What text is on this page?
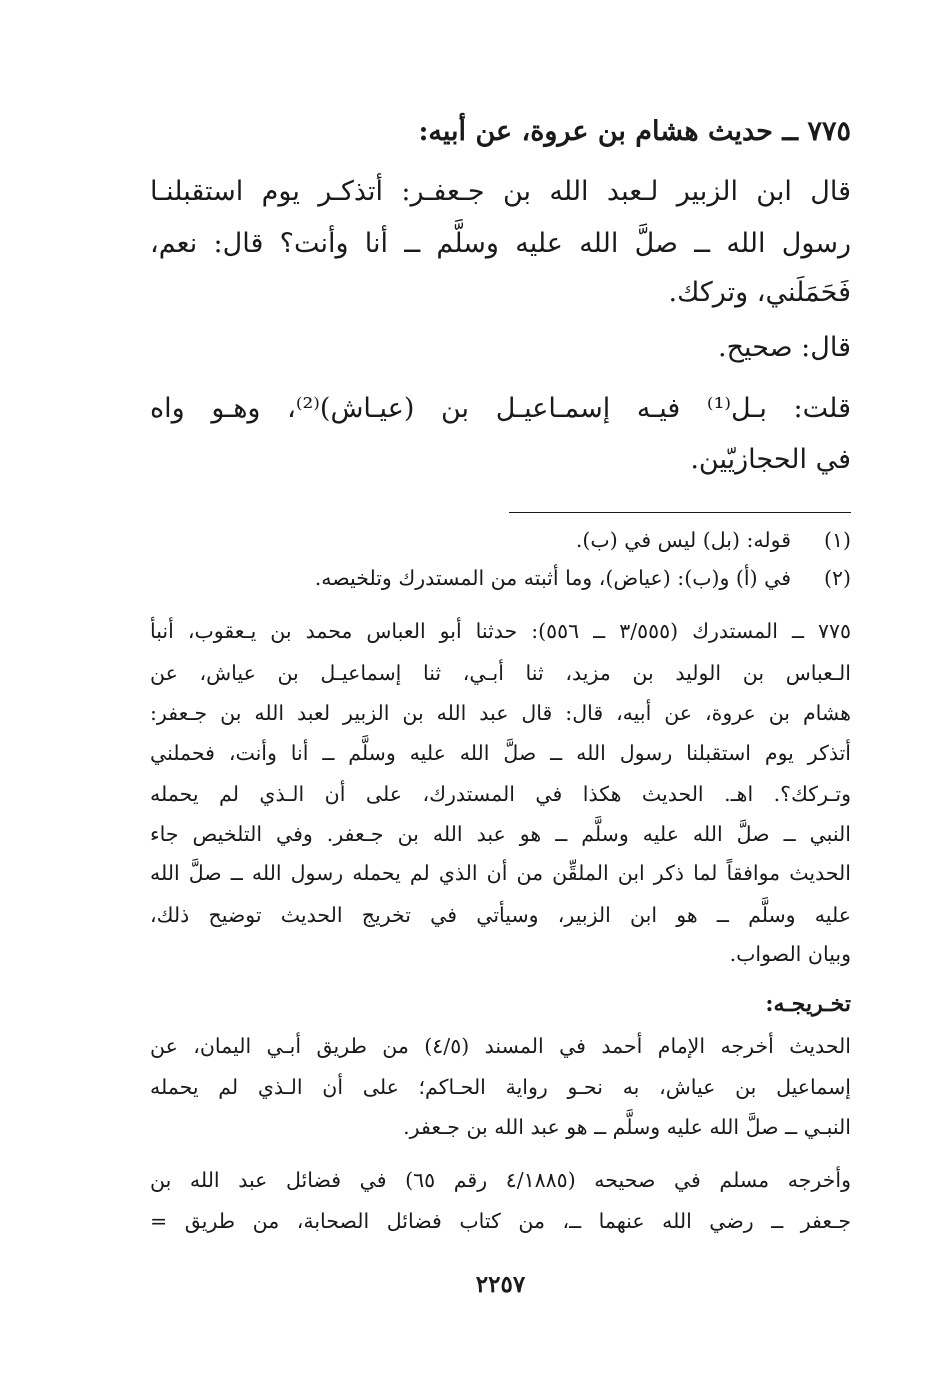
٧٧٥ ــ حديث هشام بن عروة، عن أبيه:
قال ابن الزبير لـعبد الله بن جـعفـر: أتذكـر يوم استقبلنـا
رسول الله ــ صلَّ الله عليه وسلَّم ــ أنا وأنت؟ قال: نعم،
فَحَمَلَني، وتركك.
قال: صحيح.
قلت: بـل⁽¹⁾ فيـه إسمـاعيـل بن (عيـاش)⁽²⁾، وهـو واه
في الحجازيّين.
(١)
قوله: (بل) ليس في (ب).
(٢)
في (أ) و(ب): (عياض)، وما أثبته من المستدرك وتلخيصه.
٧٧٥ ــ المستدرك (٣/٥٥٥ ــ ٥٥٦): حدثنا أبو العباس محمد بن يـعقوب، أنبأ
الـعباس بن الوليد بن مزيد، ثنا أبـي، ثنا إسماعيـل بن عياش، عن
هشام بن عروة، عن أبيه، قال: قال عبد الله بن الزبير لعبد الله بن جـعفر:
أتذكر يوم استقبلنا رسول الله ــ صلَّ الله عليه وسلَّم ــ أنا وأنت، فحملني
وتـركك؟. اهـ. الحديث هكذا في المستدرك، على أن الـذي لم يحمله
النبي ــ صلَّ الله عليه وسلَّم ــ هو عبد الله بن جـعفر. وفي التلخيص جاء
الحديث موافقاً لما ذكر ابن الملقِّن من أن الذي لم يحمله رسول الله ــ صلَّ الله
عليه وسلَّم ــ هو ابن الزبير، وسيأتي في تخريج الحديث توضيح ذلك،
وبيان الصواب.
تخـريجـه:
الحديث أخرجه الإمام أحمد في المسند (٤/٥) من طريق أبـي اليمان، عن
إسماعيل بن عياش، به نحـو رواية الحـاكم؛ على أن الـذي لم يحمله
النبـي ــ صلَّ الله عليه وسلَّم ــ هو عبد الله بن جـعفر.
وأخرجه مسلم في صحيحه (٤/١٨٨٥ رقم ٦٥) في فضائل عبد الله بن
جـعفر ــ رضي الله عنهما ــ، من كتاب فضائل الصحابة، من طريق =
٢٢٥٧
